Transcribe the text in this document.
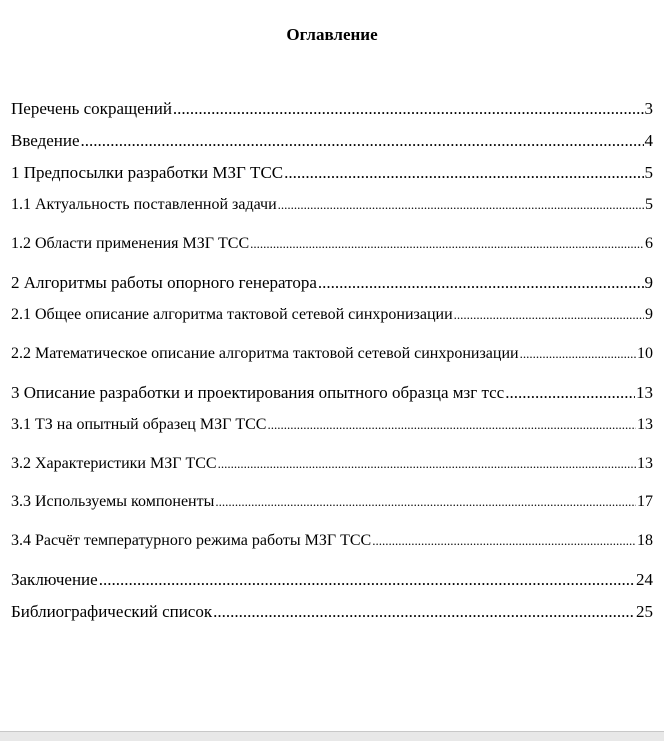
Оглавление
Перечень сокращений .....	3
Введение .....	4
1 Предпосылки разработки МЗГ ТСС .....	5
1.1 Актуальность поставленной задачи .....	5
1.2 Области применения МЗГ ТСС .....	6
2 Алгоритмы работы опорного генератора .....	9
2.1 Общее описание алгоритма тактовой сетевой синхронизации .....	9
2.2 Математическое описание алгоритма тактовой сетевой синхронизации .....	10
3 Описание разработки и проектирования опытного образца мзг тсс .....	13
3.1 ТЗ на опытный образец МЗГ ТСС .....	13
3.2 Характеристики МЗГ ТСС .....	13
3.3 Используемы компоненты .....	17
3.4 Расчёт температурного режима работы МЗГ ТСС .....	18
Заключение .....	24
Библиографический список .....	25
